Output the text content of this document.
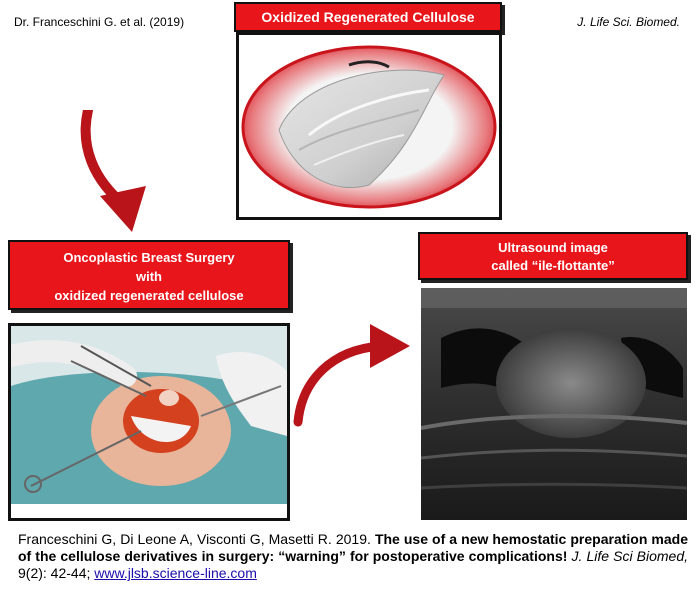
Dr. Franceschini G. et al. (2019)	J. Life Sci. Biomed.
Oxidized Regenerated Cellulose
Oncoplastic Breast Surgery
with
oxidized regenerated cellulose
Ultrasound image
called “ile-flottante”
Franceschini G, Di Leone A, Visconti G, Masetti R. 2019. The use of a new hemostatic preparation made of the cellulose derivatives in surgery: “warning” for postoperative complications! J. Life Sci Biomed, 9(2): 42-44; www.jlsb.science-line.com
